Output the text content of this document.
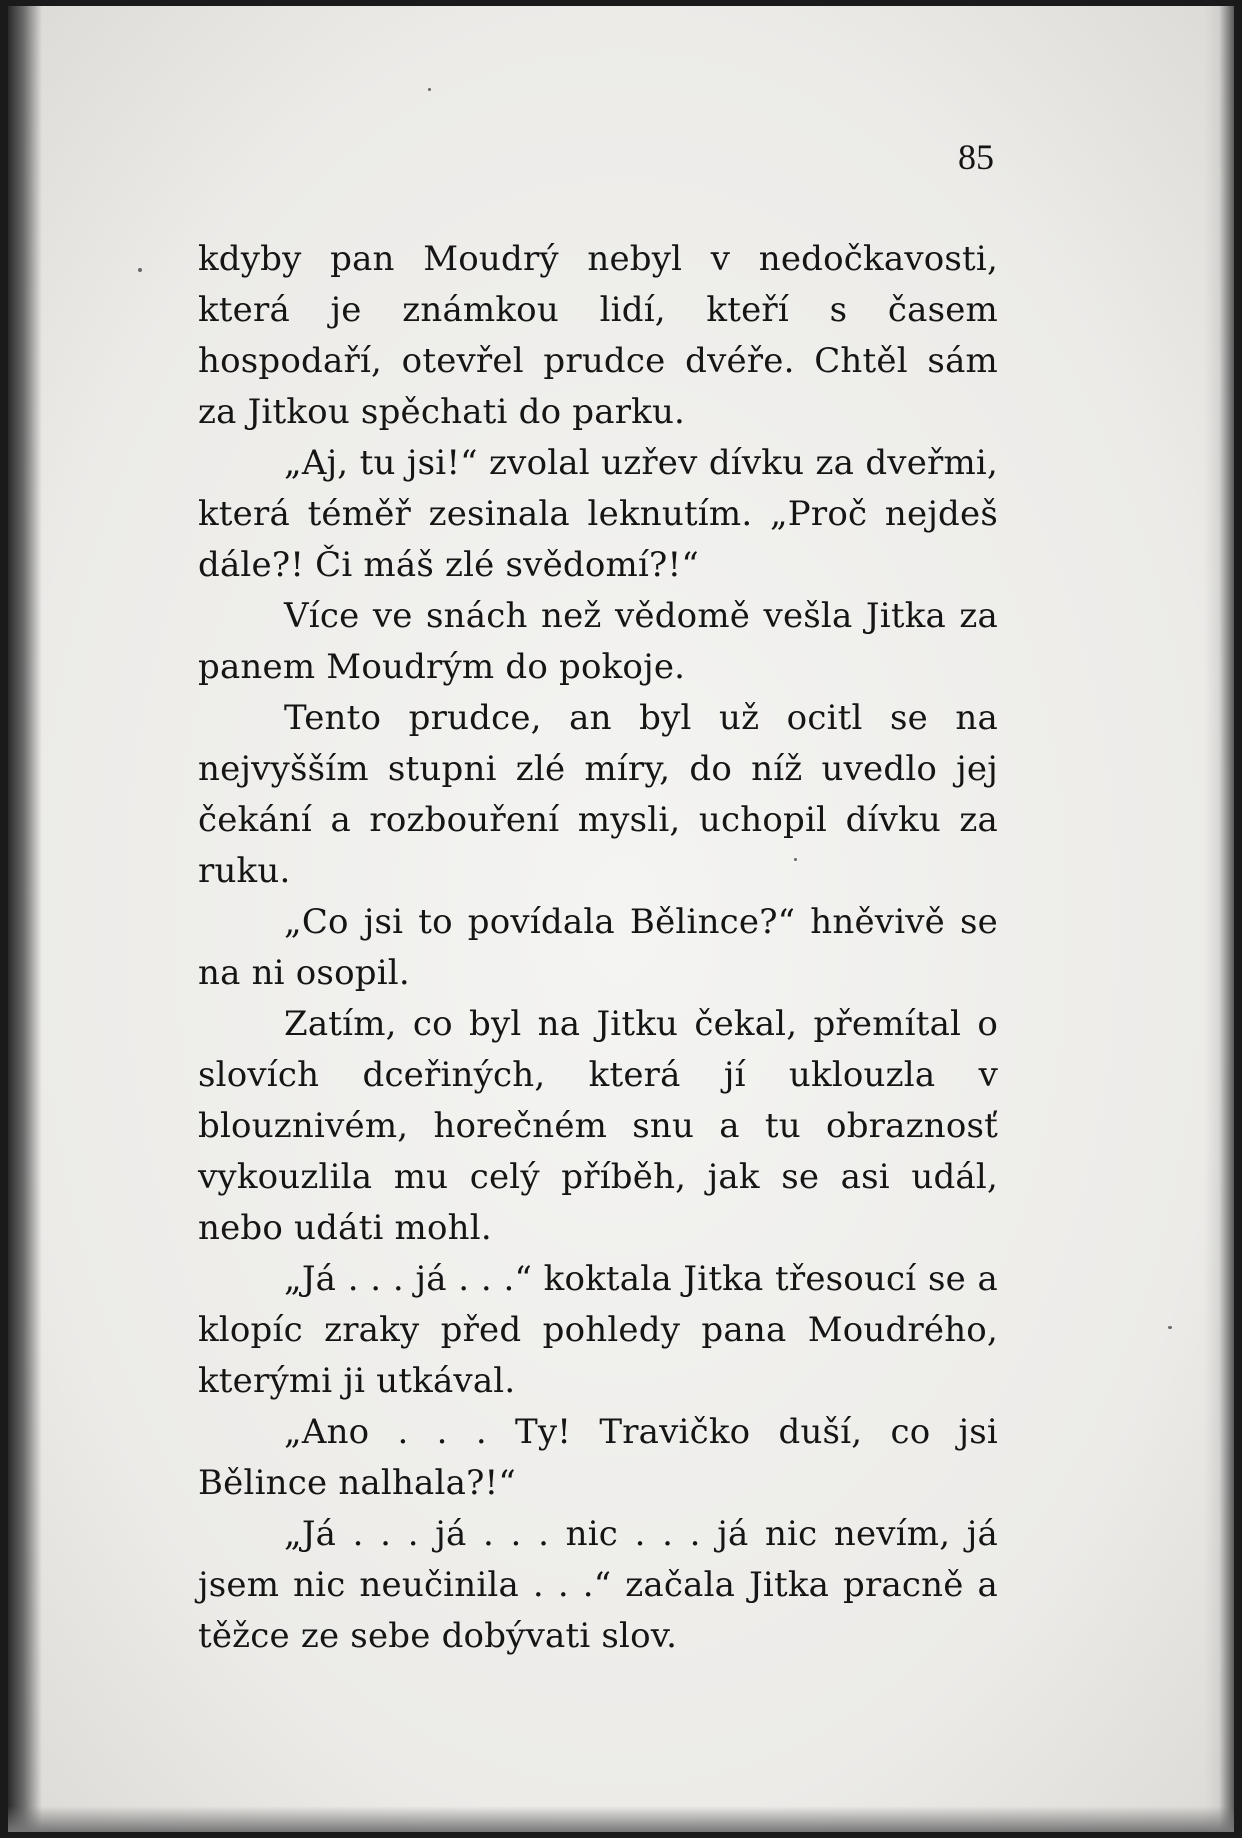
85

kdyby pan Moudrý nebyl v nedočkavosti, která je známkou lidí, kteří s časem hospodaří, otevřel prudce dvéře. Chtěl sám za Jitkou spěchati do parku.

„Aj, tu jsi!“ zvolal uzřev dívku za dveřmi, která téměř zesinala leknutím. „Proč nejdeš dále?! Či máš zlé svědomí?!“

Více ve snách než vědomě vešla Jitka za panem Moudrým do pokoje.

Tento prudce, an byl už ocitl se na nejvyšším stupni zlé míry, do níž uvedlo jej čekání a rozbouření mysli, uchopil dívku za ruku.

„Co jsi to povídala Bělince?“ hněvivě se na ni osopil.

Zatím, co byl na Jitku čekal, přemítal o slovích dceřiných, která jí uklouzla v blouznivém, horečném snu a tu obraznosť vykouzlila mu celý příběh, jak se asi udál, nebo udáti mohl.

„Já . . . já . . .“ koktala Jitka třesoucí se a klopíc zraky před pohledy pana Moudrého, kterými ji utkával.

„Ano . . . Ty! Travičko duší, co jsi Bělince nalhala?!“

„Já . . . já . . . nic . . . já nic nevím, já jsem nic neučinila . . .“ začala Jitka pracně a těžce ze sebe dobývati slov.
